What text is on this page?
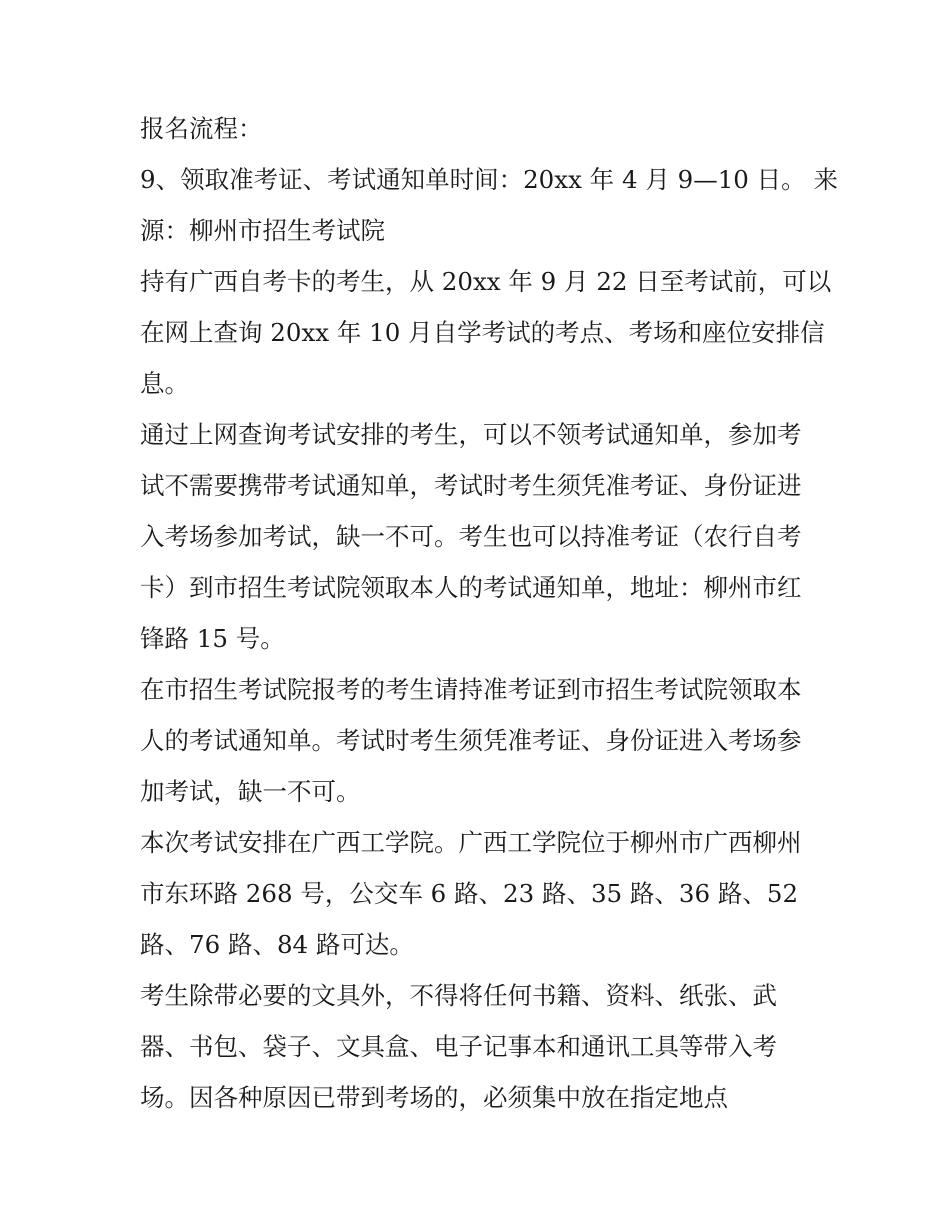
报名流程：
9、领取准考证、考试通知单时间：20xx 年 4 月 9—10 日。 来
源：柳州市招生考试院
持有广西自考卡的考生，从 20xx 年 9 月 22 日至考试前，可以
在网上查询 20xx 年 10 月自学考试的考点、考场和座位安排信
息。
通过上网查询考试安排的考生，可以不领考试通知单，参加考
试不需要携带考试通知单，考试时考生须凭准考证、身份证进
入考场参加考试，缺一不可。考生也可以持准考证（农行自考
卡）到市招生考试院领取本人的考试通知单，地址：柳州市红
锋路 15 号。
在市招生考试院报考的考生请持准考证到市招生考试院领取本
人的考试通知单。考试时考生须凭准考证、身份证进入考场参
加考试，缺一不可。
本次考试安排在广西工学院。广西工学院位于柳州市广西柳州
市东环路 268 号，公交车 6 路、23 路、35 路、36 路、52
路、76 路、84 路可达。
考生除带必要的文具外，不得将任何书籍、资料、纸张、武
器、书包、袋子、文具盒、电子记事本和通讯工具等带入考
场。因各种原因已带到考场的，必须集中放在指定地点
